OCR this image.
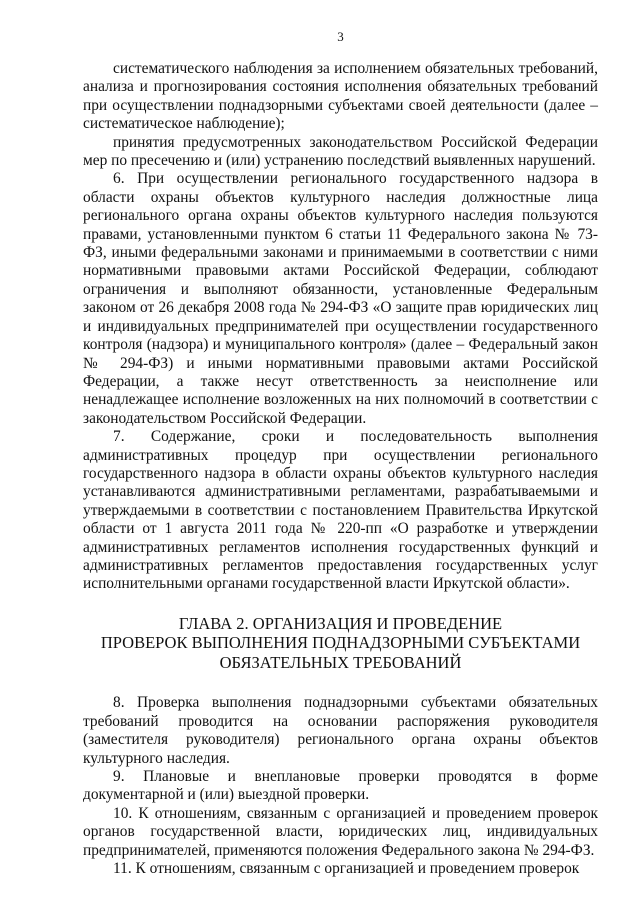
3

систематического наблюдения за исполнением обязательных требований, анализа и прогнозирования состояния исполнения обязательных требований при осуществлении поднадзорными субъектами своей деятельности (далее – систематическое наблюдение);

принятия предусмотренных законодательством Российской Федерации мер по пресечению и (или) устранению последствий выявленных нарушений.

6. При осуществлении регионального государственного надзора в области охраны объектов культурного наследия должностные лица регионального органа охраны объектов культурного наследия пользуются правами, установленными пунктом 6 статьи 11 Федерального закона № 73-ФЗ, иными федеральными законами и принимаемыми в соответствии с ними нормативными правовыми актами Российской Федерации, соблюдают ограничения и выполняют обязанности, установленные Федеральным законом от 26 декабря 2008 года № 294-ФЗ «О защите прав юридических лиц и индивидуальных предпринимателей при осуществлении государственного контроля (надзора) и муниципального контроля» (далее – Федеральный закон № 294-ФЗ) и иными нормативными правовыми актами Российской Федерации, а также несут ответственность за неисполнение или ненадлежащее исполнение возложенных на них полномочий в соответствии с законодательством Российской Федерации.

7. Содержание, сроки и последовательность выполнения административных процедур при осуществлении регионального государственного надзора в области охраны объектов культурного наследия устанавливаются административными регламентами, разрабатываемыми и утверждаемыми в соответствии с постановлением Правительства Иркутской области от 1 августа 2011 года № 220-пп «О разработке и утверждении административных регламентов исполнения государственных функций и административных регламентов предоставления государственных услуг исполнительными органами государственной власти Иркутской области».

ГЛАВА 2. ОРГАНИЗАЦИЯ И ПРОВЕДЕНИЕ
ПРОВЕРОК ВЫПОЛНЕНИЯ ПОДНАДЗОРНЫМИ СУБЪЕКТАМИ
ОБЯЗАТЕЛЬНЫХ ТРЕБОВАНИЙ

8. Проверка выполнения поднадзорными субъектами обязательных требований проводится на основании распоряжения руководителя (заместителя руководителя) регионального органа охраны объектов культурного наследия.

9. Плановые и внеплановые проверки проводятся в форме документарной и (или) выездной проверки.

10. К отношениям, связанным с организацией и проведением проверок органов государственной власти, юридических лиц, индивидуальных предпринимателей, применяются положения Федерального закона № 294-ФЗ.

11. К отношениям, связанным с организацией и проведением проверок
